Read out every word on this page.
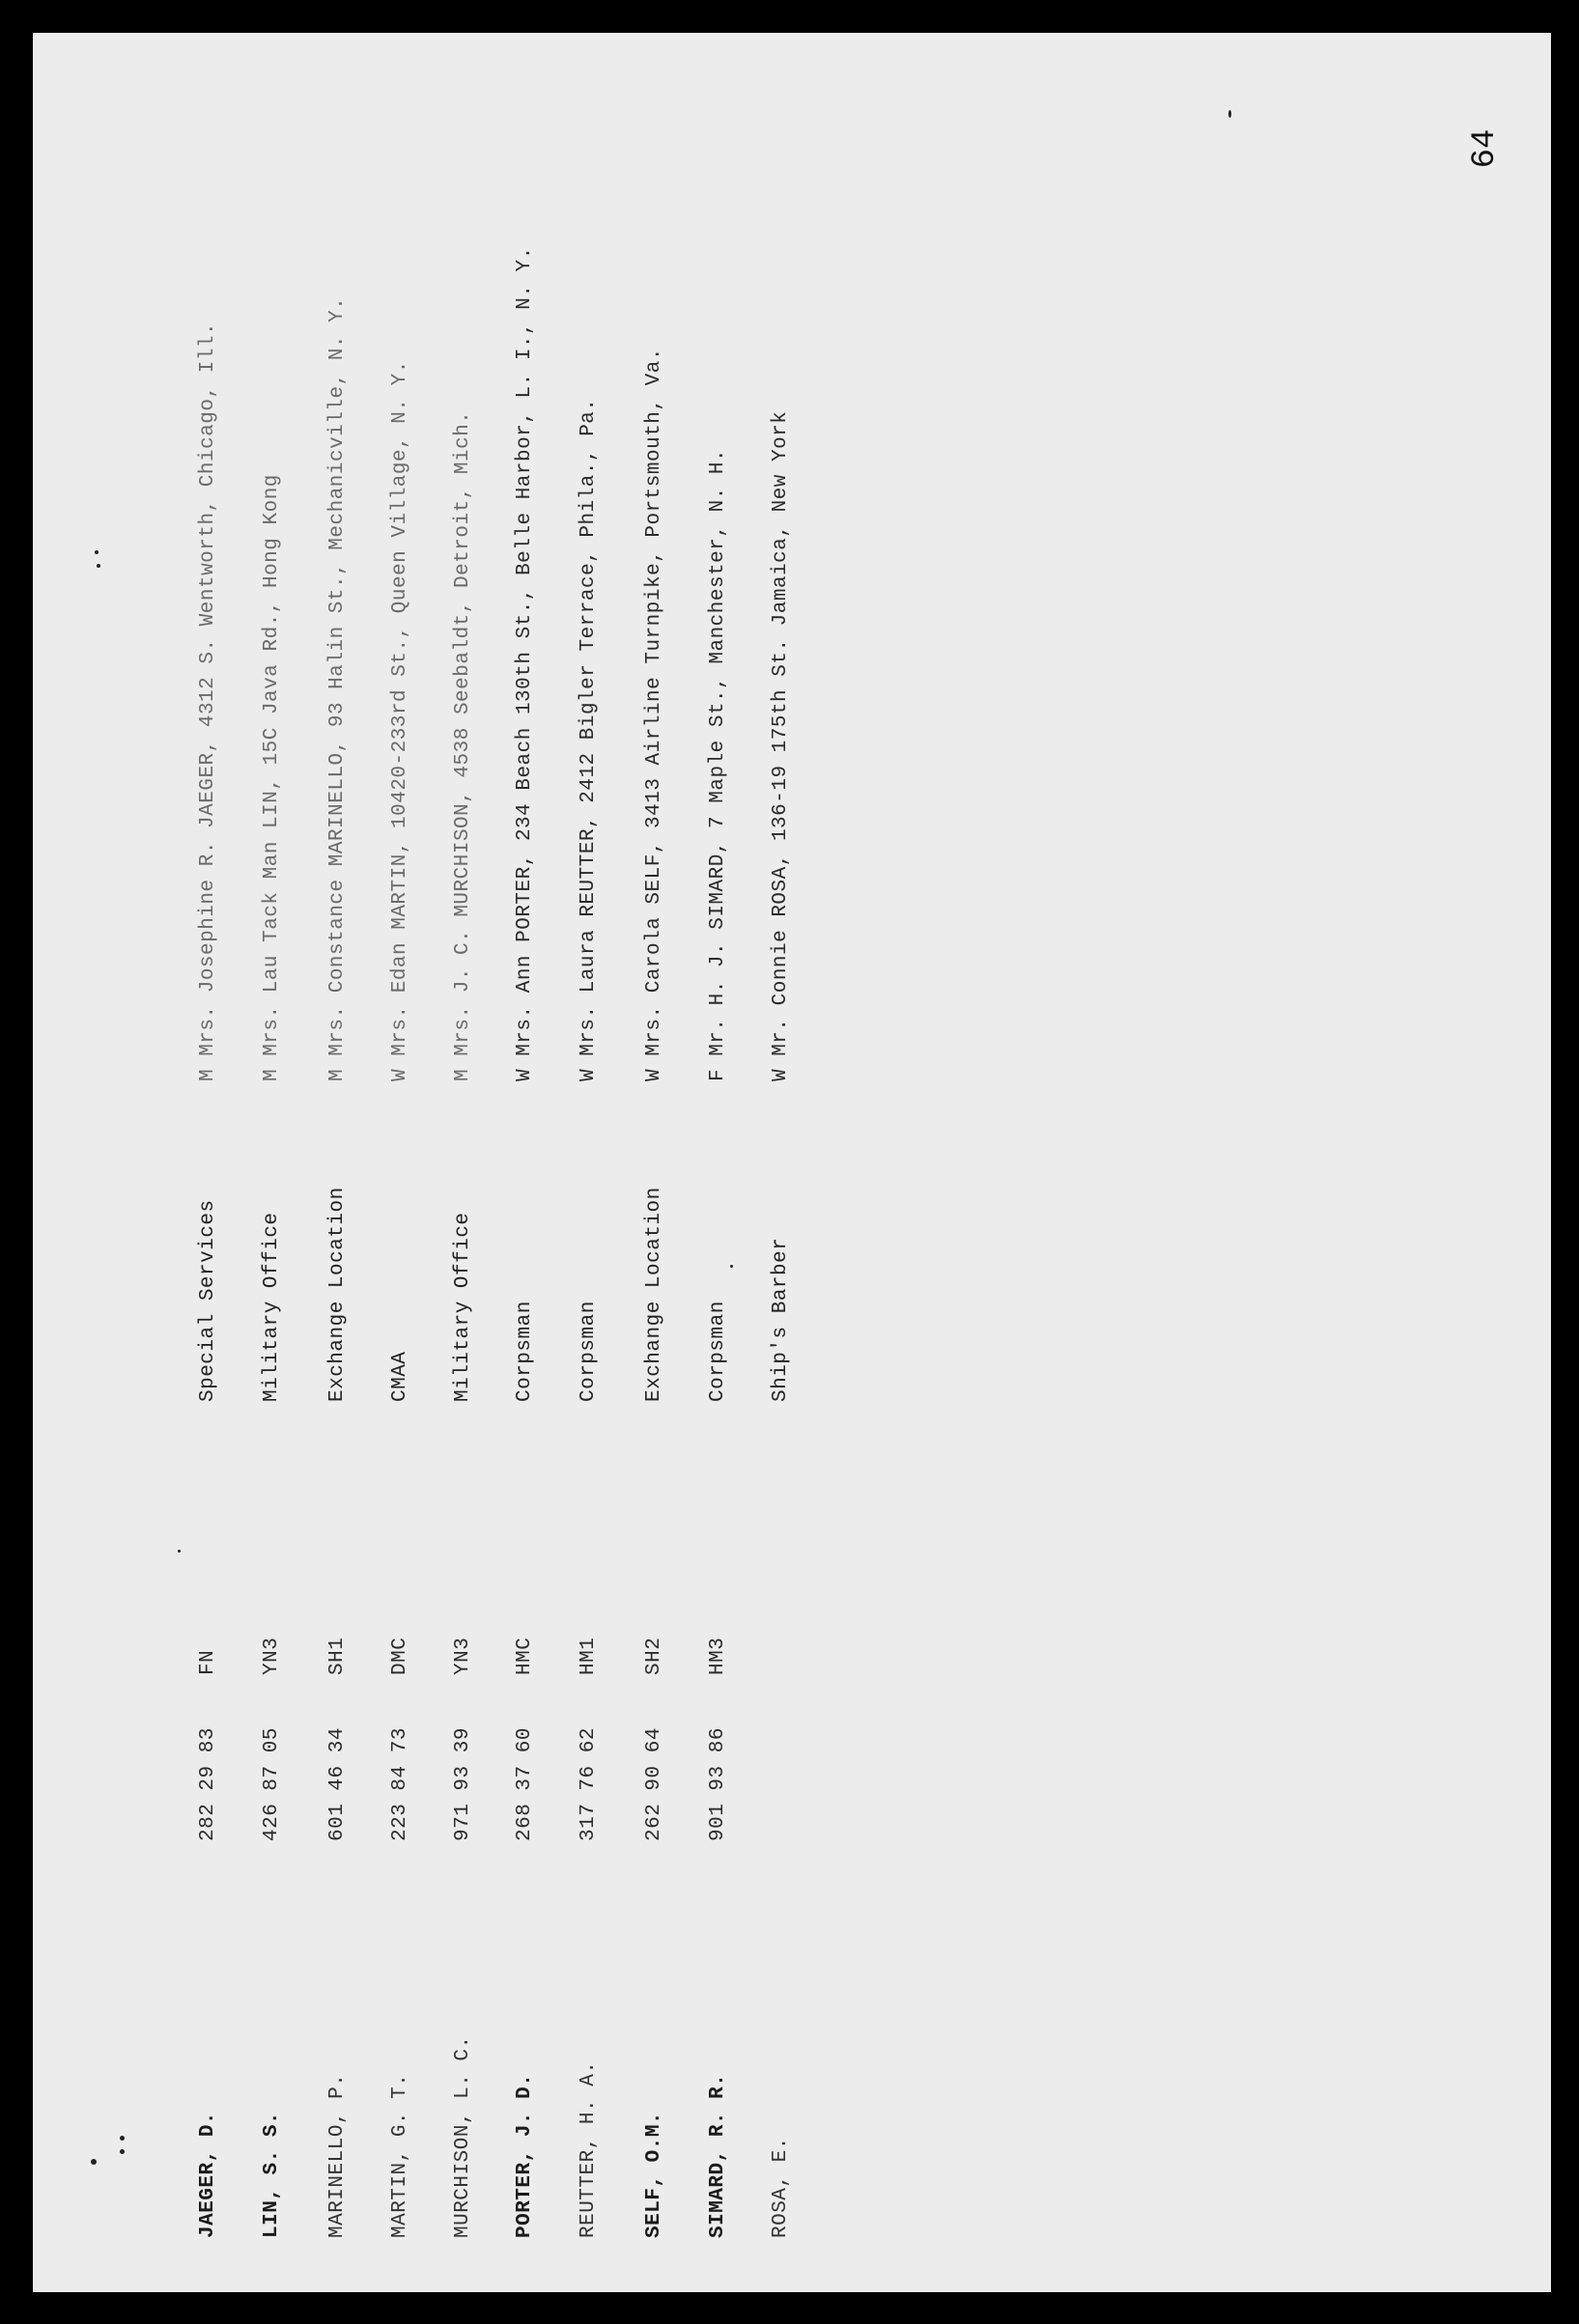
64
JAEGER, D.
282 29 83
FN
Special Services
M Mrs. Josephine R. JAEGER, 4312 S. Wentworth, Chicago, Ill.
LIN, S. S.
426 87 05
YN3
Military Office
M Mrs. Lau Tack Man LIN, 15C Java Rd., Hong Kong
MARINELLO, P.
601 46 34
SH1
Exchange Location
M Mrs. Constance MARINELLO, 93 Halin St., Mechanicville, N. Y.
MARTIN, G. T.
223 84 73
DMC
CMAA
W Mrs. Edan MARTIN, 10420-233rd St., Queen Village, N. Y.
MURCHISON, L. C.
971 93 39
YN3
Military Office
M Mrs. J. C. MURCHISON, 4538 Seebaldt, Detroit, Mich.
PORTER, J. D.
268 37 60
HMC
Corpsman
W Mrs. Ann PORTER, 234 Beach 130th St., Belle Harbor, L. I., N. Y.
REUTTER, H. A.
317 76 62
HM1
Corpsman
W Mrs. Laura REUTTER, 2412 Bigler Terrace, Phila., Pa.
SELF, O.M.
262 90 64
SH2
Exchange Location
W Mrs. Carola SELF, 3413 Airline Turnpike, Portsmouth, Va.
SIMARD, R. R.
901 93 86
HM3
Corpsman
F Mr. H. J. SIMARD, 7 Maple St., Manchester, N. H.
ROSA, E.
Ship's Barber
W Mr. Connie ROSA, 136-19 175th St. Jamaica, New York
